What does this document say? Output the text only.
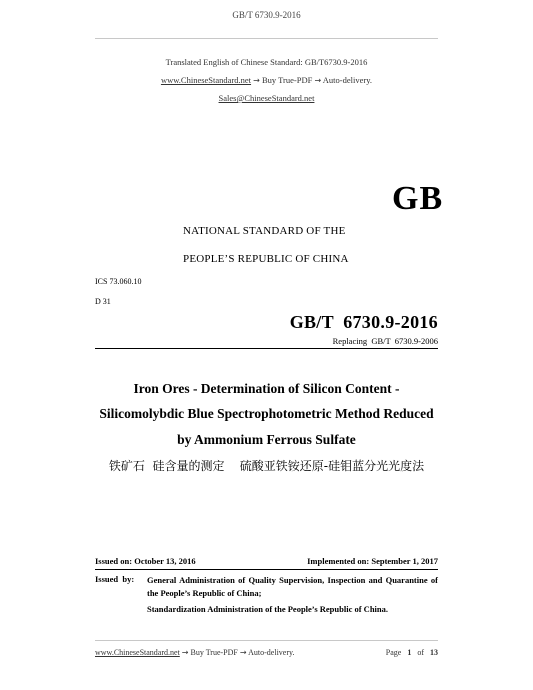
GB/T 6730.9-2016
Translated English of Chinese Standard: GB/T6730.9-2016
www.ChineseStandard.net → Buy True-PDF → Auto-delivery.
Sales@ChineseStandard.net
GB
NATIONAL STANDARD OF THE
PEOPLE’S REPUBLIC OF CHINA
ICS 73.060.10
D 31
GB/T  6730.9-2016
Replacing  GB/T  6730.9-2006
Iron Ores - Determination of Silicon Content -
Silicomolybdic Blue Spectrophotometric Method Reduced
by Ammonium Ferrous Sulfate
铁矿石  硅含量的测定    硫酸亚铁铵还原-硅钼蓝分光光度法
Issued on: October 13, 2016	Implemented on: September 1, 2017
Issued  by: General Administration of Quality Supervision, Inspection and Quarantine of the People’s Republic of China;
Standardization Administration of the People’s Republic of China.
www.ChineseStandard.net → Buy True-PDF → Auto-delivery.	Page 1 of 13
